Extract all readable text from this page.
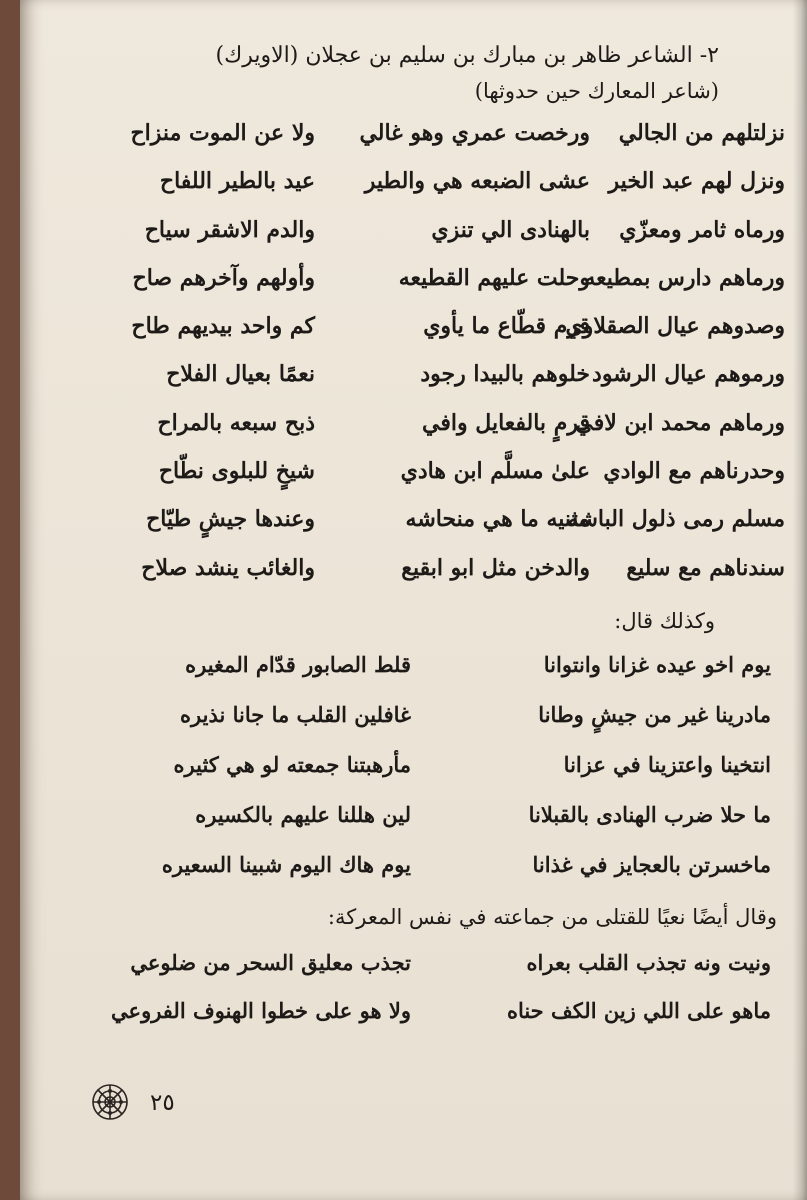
٢- الشاعر ظاهر بن مبارك بن سليم بن عجلان (الاويرك)
(شاعر المعارك حين حدوثها)
نزلتلهم من الجالي
ورخصت عمري وهو غالي
ولا عن الموت منزاح
ونزل لهم عبد الخير
عشى الضبعه هي والطير
عيد بالطير اللفاح
ورماه ثامر ومعزّي
بالهنادى الي تنزي
والدم الاشقر سياح
ورماهم دارس بمطيعه
وحلت عليهم القطيعه
وأولهم وآخرهم صاح
وصدوهم عيال الصقلاوي
قرم قطّاع ما يأوي
كم واحد بيديهم طاح
ورموهم عيال الرشود
خلوهم بالبيدا رجود
نعمًا بعيال الفلاح
ورماهم محمد ابن لافي
قرمٍ بالفعايل وافي
ذبح سبعه بالمراح
وحدرناهم مع الوادي
علىٰ مسلَّم ابن هادي
شيخٍ للبلوى نطّاح
مسلم رمى ذلول الباشه
مثنيه ما هي منحاشه
وعندها جيشٍ طيّاح
سندناهم مع سليع
والدخن مثل ابو ابقيع
والغائب ينشد صلاح
وكذلك قال:
يوم اخو عيده غزانا وانتوانا
قلط الصابور قدّام المغيره
مادرينا غير من جيشٍ وطانا
غافلين القلب ما جانا نذيره
انتخينا واعتزينا في عزانا
مأرهبتنا جمعته لو هي كثيره
ما حلا ضرب الهنادى بالقبلانا
لين هللنا عليهم بالكسيره
ماخسرتن بالعجايز في غذانا
يوم هاك اليوم شبينا السعيره
وقال أيضًا نعيًا للقتلى من جماعته في نفس المعركة:
ونيت ونه تجذب القلب بعراه
تجذب معليق السحر من ضلوعي
ماهو على اللي زين الكف حناه
ولا هو على خطوا الهنوف الفروعي
٢٥
